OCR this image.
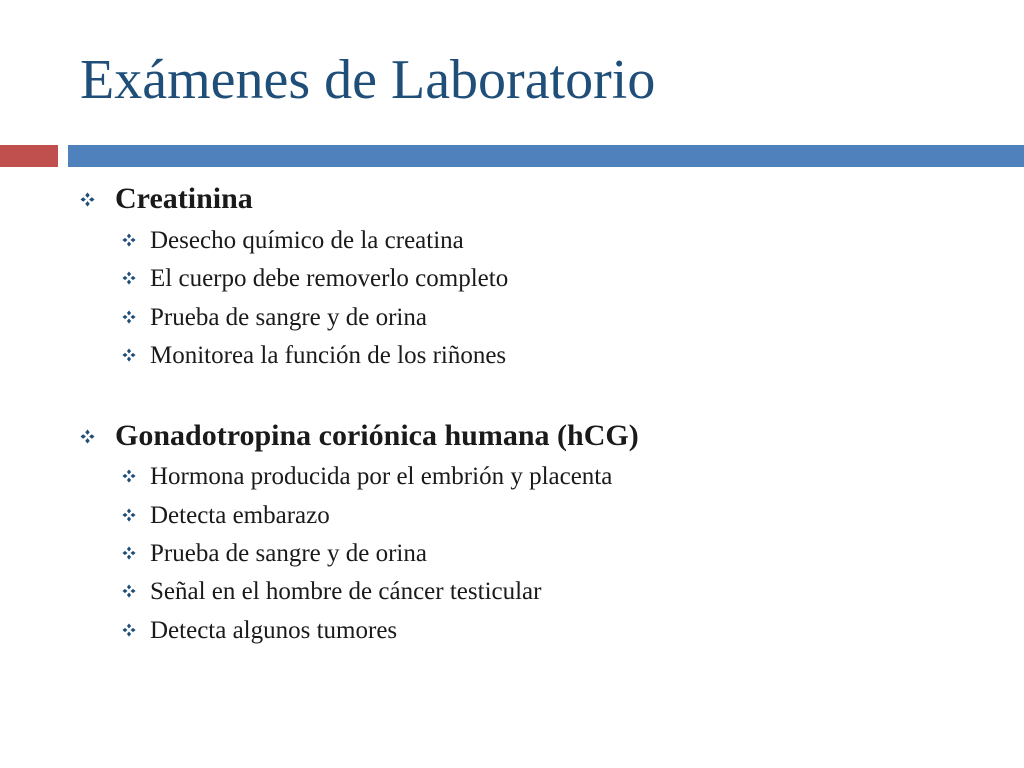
Exámenes de Laboratorio
Creatinina
Desecho químico de la creatina
El cuerpo debe removerlo completo
Prueba de sangre y de orina
Monitorea la función de los riñones
Gonadotropina coriónica humana (hCG)
Hormona producida por el embrión y placenta
Detecta embarazo
Prueba de sangre y de orina
Señal en el hombre de cáncer testicular
Detecta algunos tumores
